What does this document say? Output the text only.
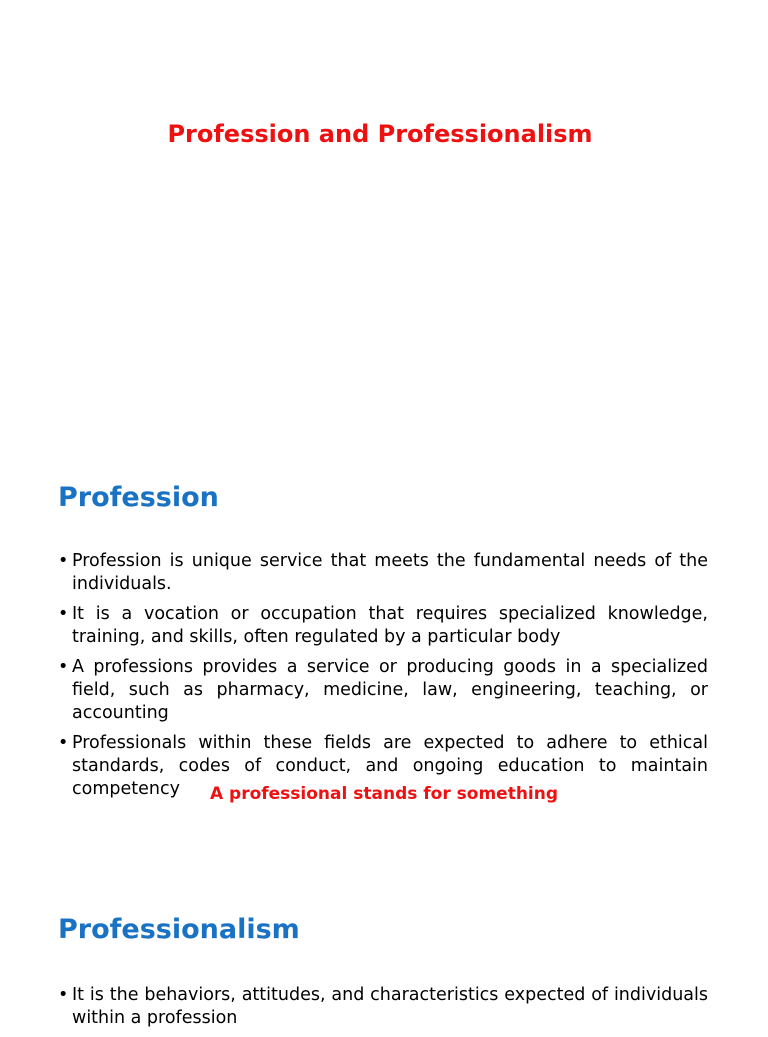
Profession and Professionalism
Profession
• Profession is unique service that meets the fundamental needs of the individuals.
• It is a vocation or occupation that requires specialized knowledge, training, and skills, often regulated by a particular body
• A professions provides a service or producing goods in a specialized field, such as pharmacy, medicine, law, engineering, teaching, or accounting
• Professionals within these fields are expected to adhere to ethical standards, codes of conduct, and ongoing education to maintain competency	A professional stands for something

Professionalism
• It is the behaviors, attitudes, and characteristics expected of individuals within a profession
